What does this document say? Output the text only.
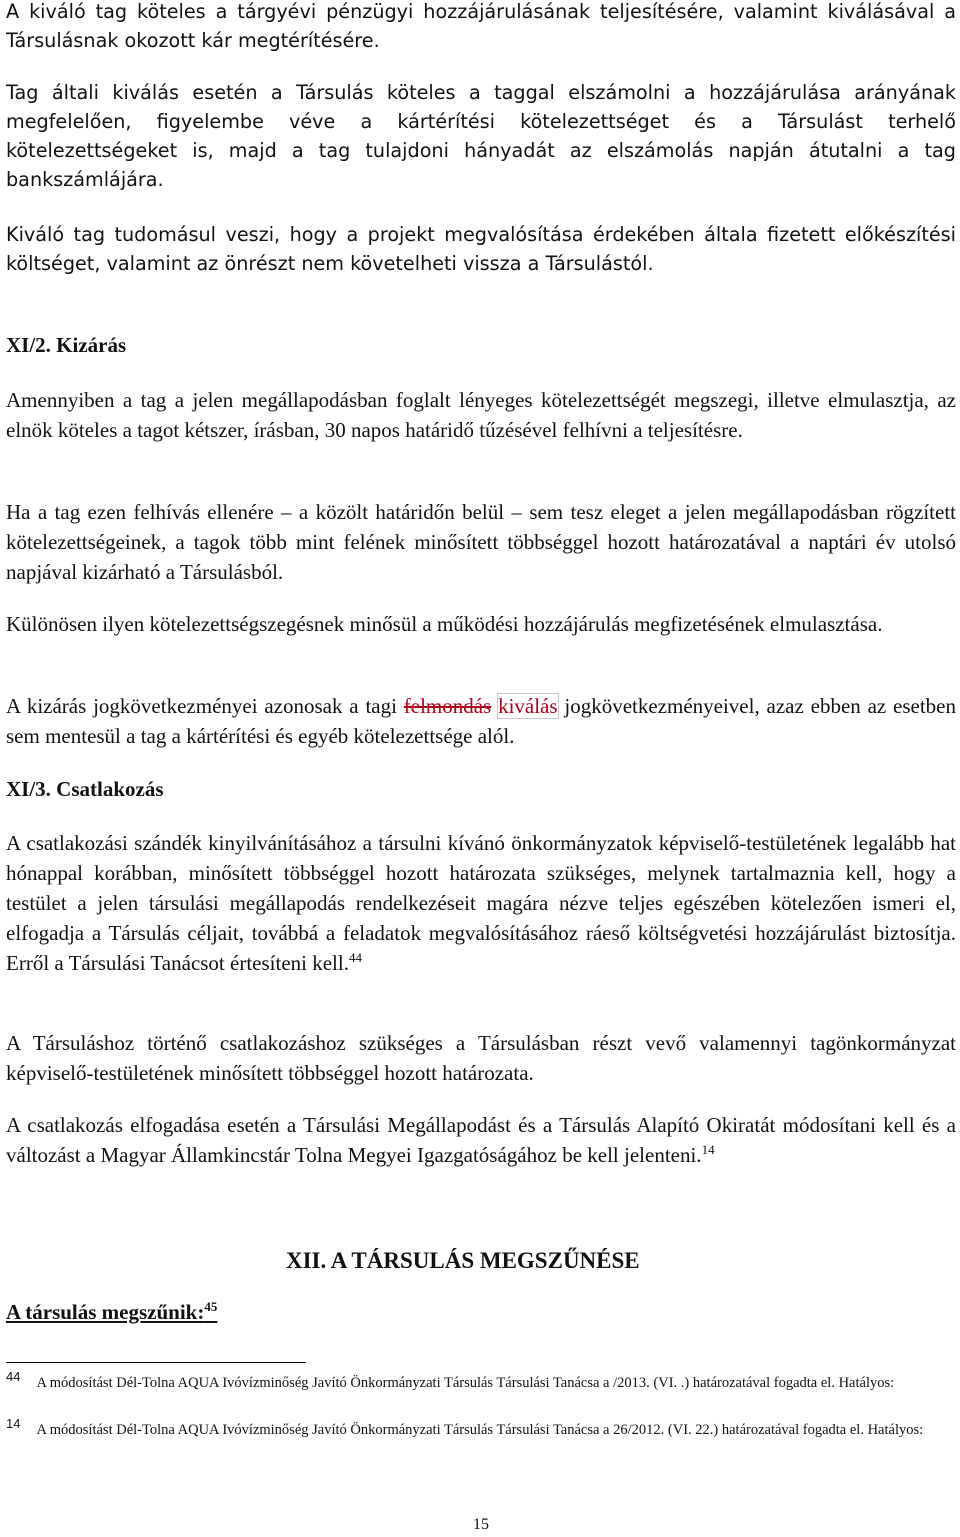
A kiváló tag köteles a tárgyévi pénzügyi hozzájárulásának teljesítésére, valamint kiválásával a Társulásnak okozott kár megtérítésére.

Tag általi kiválás esetén a Társulás köteles a taggal elszámolni a hozzájárulása arányának megfelelően, figyelembe véve a kártérítési kötelezettséget és a Társulást terhelő kötelezettségeket is, majd a tag tulajdoni hányadát az elszámolás napján átutalni a tag bankszámlájára.

Kiváló tag tudomásul veszi, hogy a projekt megvalósítása érdekében általa fizetett előkészítési költséget, valamint az önrészt nem követelheti vissza a Társulástól.

XI/2. Kizárás

Amennyiben a tag a jelen megállapodásban foglalt lényeges kötelezettségét megszegi, illetve elmulasztja, az elnök köteles a tagot kétszer, írásban, 30 napos határidő tűzésével felhívni a teljesítésre.

Ha a tag ezen felhívás ellenére – a közölt határidőn belül – sem tesz eleget a jelen megállapodásban rögzített kötelezettségeinek, a tagok több mint felének minősített többséggel hozott határozatával a naptári év utolsó napjával kizárható a Társulásból.

Különösen ilyen kötelezettségszegésnek minősül a működési hozzájárulás megfizetésének elmulasztása.

A kizárás jogkövetkezményei azonosak a tagi felmondás kiválás jogkövetkezményeivel, azaz ebben az esetben sem mentesül a tag a kártérítési és egyéb kötelezettsége alól.

XI/3. Csatlakozás

A csatlakozási szándék kinyilvánításához a társulni kívánó önkormányzatok képviselő-testületének legalább hat hónappal korábban, minősített többséggel hozott határozata szükséges, melynek tartalmaznia kell, hogy a testület a jelen társulási megállapodás rendelkezéseit magára nézve teljes egészében kötelezően ismeri el, elfogadja a Társulás céljait, továbbá a feladatok megvalósításához ráeső költségvetési hozzájárulást biztosítja. Erről a Társulási Tanácsot értesíteni kell.$^{44}$

A Társuláshoz történő csatlakozáshoz szükséges a Társulásban részt vevő valamennyi tagönkormányzat képviselő-testületének minősített többséggel hozott határozata.

A csatlakozás elfogadása esetén a Társulási Megállapodást és a Társulás Alapító Okiratát módosítani kell és a változást a Magyar Államkincstár Tolna Megyei Igazgatóságához be kell jelenteni.$^{14}$

XII. A TÁRSULÁS MEGSZŰNÉSE
A társulás megszűnik:$^{45}$
44 A módosítást Dél-Tolna AQUA Ivóvízminőség Javító Önkormányzati Társulás Társulási Tanácsa a /2013. (VI. .) határozatával fogadta el. Hatályos:
14 A módosítást Dél-Tolna AQUA Ivóvízminőség Javító Önkormányzati Társulás Társulási Tanácsa a 26/2012. (VI. 22.) határozatával fogadta el. Hatályos:
15
